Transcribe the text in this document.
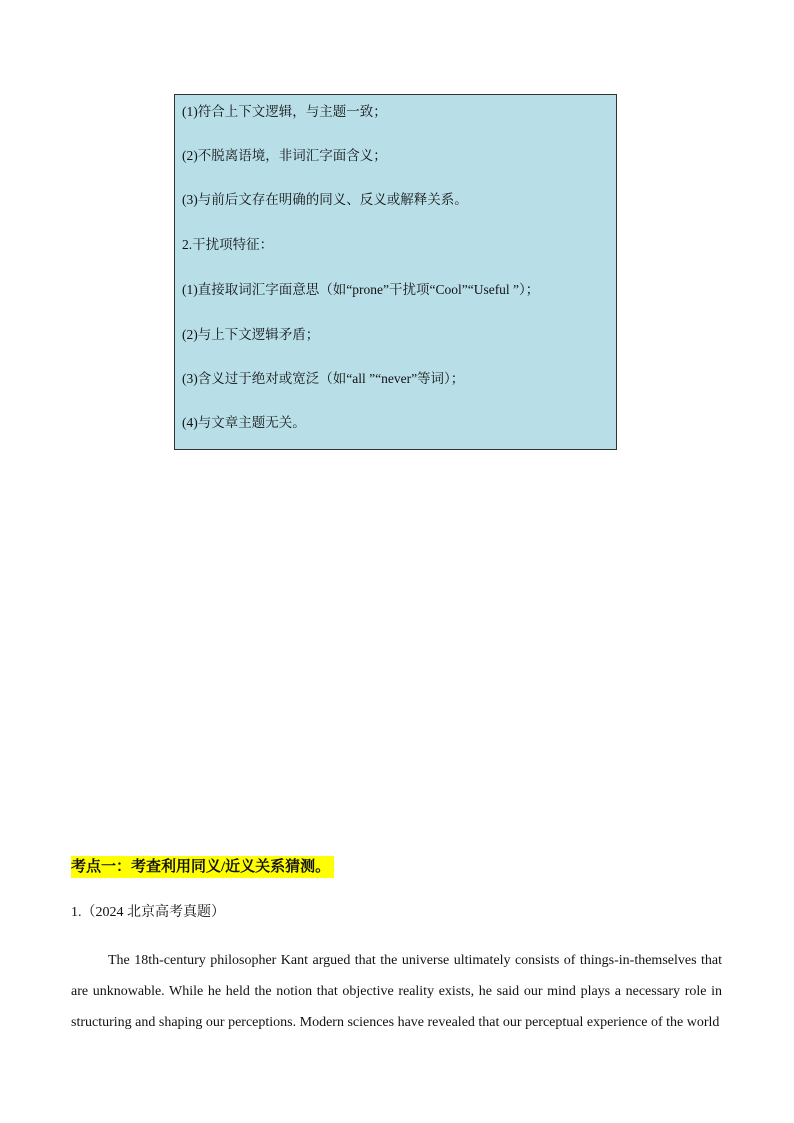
(1)符合上下文逻辑，与主题一致；
(2)不脱离语境，非词汇字面含义；
(3)与前后文存在明确的同义、反义或解释关系。
2.干扰项特征：
(1)直接取词汇字面意思（如“prone”干扰项“Cool”“Useful ”）；
(2)与上下文逻辑矛盾；
(3)含义过于绝对或宽泛（如“all ”“never”等词）；
(4)与文章主题无关。
考点一：考查利用同义/近义关系猜测。
1.（2024 北京高考真题）

The 18th-century philosopher Kant argued that the universe ultimately consists of things-in-themselves that are unknowable. While he held the notion that objective reality exists, he said our mind plays a necessary role in structuring and shaping our perceptions. Modern sciences have revealed that our perceptual experience of the world
